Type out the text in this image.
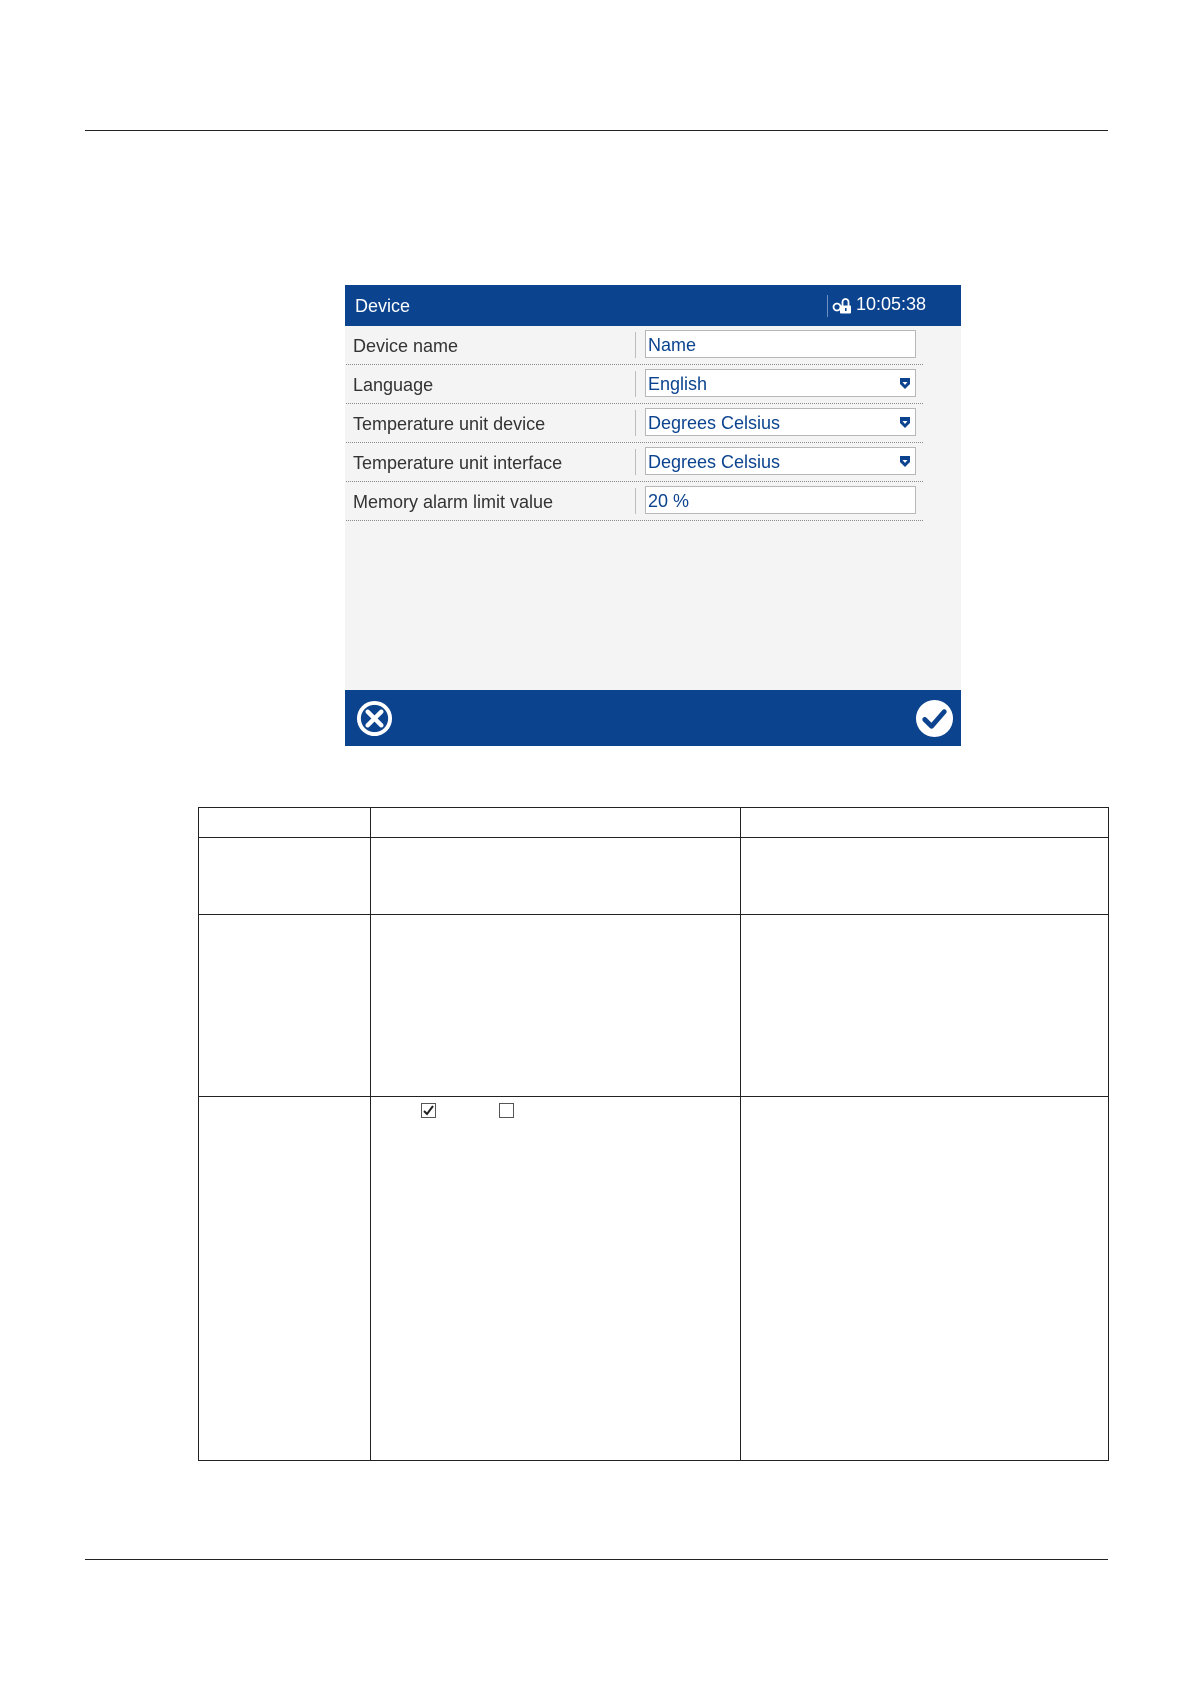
Device	10:05:38
Device name	Name
Language	English
Temperature unit device	Degrees Celsius
Temperature unit interface	Degrees Celsius
Memory alarm limit value	20 %
